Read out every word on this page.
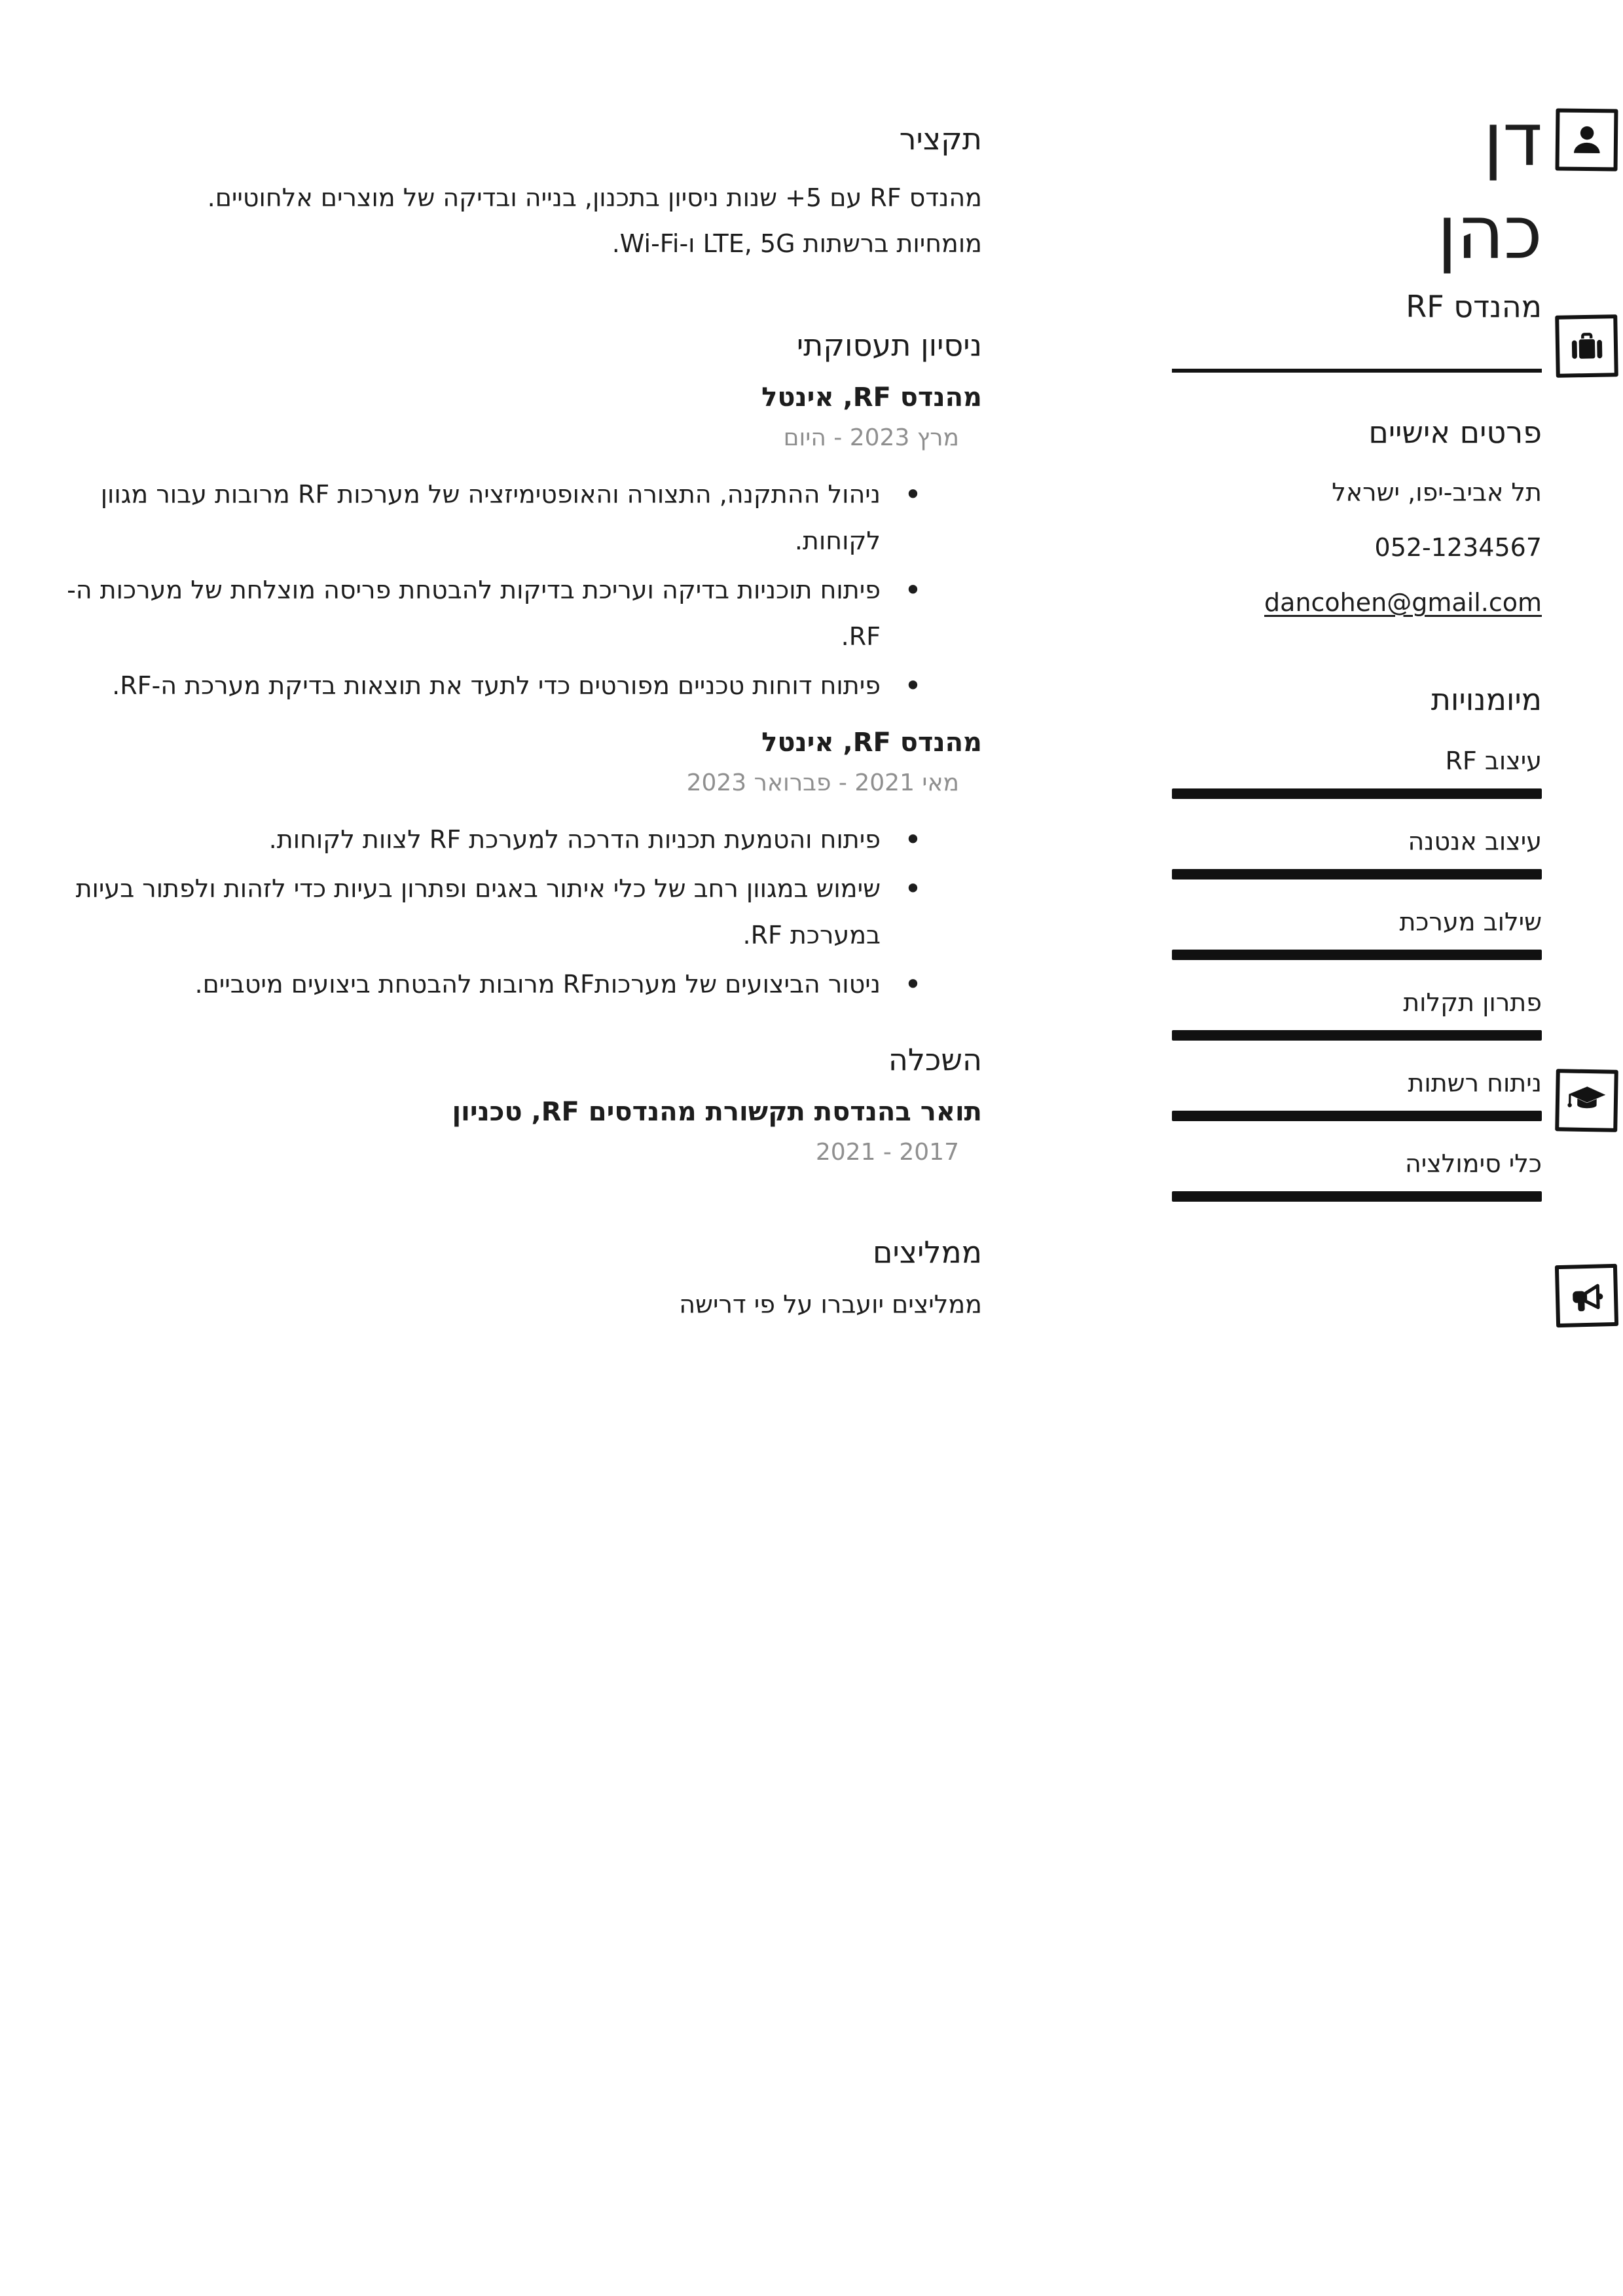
דן
כהן
מהנדס RF
פרטים אישיים
תל אביב-יפו, ישראל
052-1234567
dancohen@gmail.com
מיומנויות
עיצוב RF
עיצוב אנטנה
שילוב מערכת
פתרון תקלות
ניתוח רשתות
כלי סימולציה
תקציר
מהנדס RF עם 5+ שנות ניסיון בתכנון, בנייה ובדיקה של מוצרים אלחוטיים.
מומחיות ברשתות LTE, 5G ו-Wi-Fi.
ניסיון תעסוקתי
מהנדס RF, אינטל
מרץ 2023 - היום
• ניהול ההתקנה, התצורה והאופטימיזציה של מערכות RF מרובות עבור מגוון לקוחות.
• פיתוח תוכניות בדיקה ועריכת בדיקות להבטחת פריסה מוצלחת של מערכות ה-RF.
• פיתוח דוחות טכניים מפורטים כדי לתעד את תוצאות בדיקת מערכת ה-RF.
מהנדס RF, אינטל
מאי 2021 - פברואר 2023
• פיתוח והטמעת תכניות הדרכה למערכת RF לצוות לקוחות.
• שימוש במגוון רחב של כלי איתור באגים ופתרון בעיות כדי לזהות ולפתור בעיות במערכת RF.
• ניטור הביצועים של מערכותRF מרובות להבטחת ביצועים מיטביים.
השכלה
תואר בהנדסת תקשורת מהנדסים RF, טכניון
2017 - 2021
ממליצים
ממליצים יועברו על פי דרישה
